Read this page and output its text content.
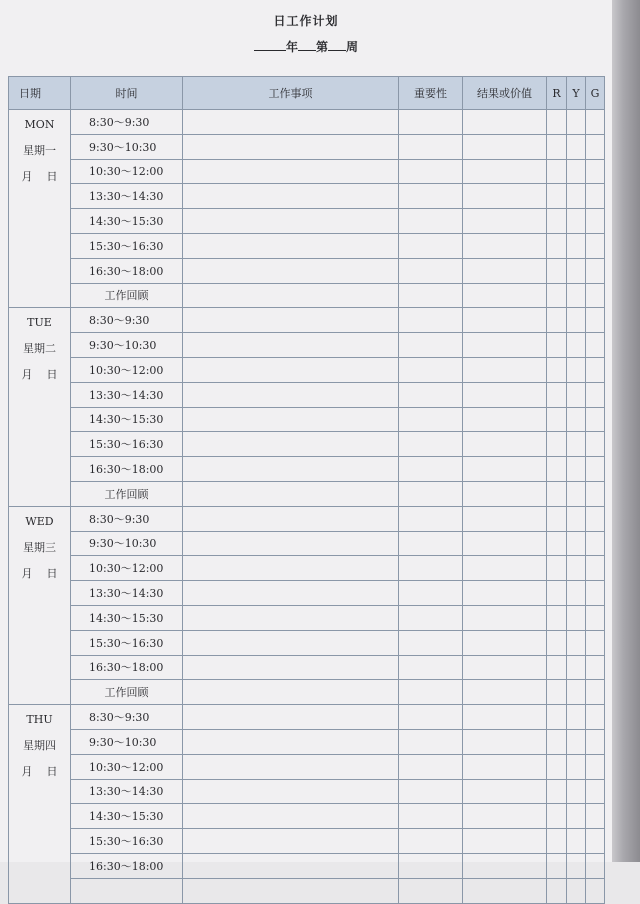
日工作计划
年 第 周
日期	时间	工作事项	重要性	结果或价值	R	Y	G

MON
星期一
月 日	8:30～9:30						
	9:30～10:30						
	10:30～12:00						
	13:30～14:30						
	14:30～15:30						
	15:30～16:30						
	16:30～18:00						
	工作回顾						

TUE
星期二
月 日	8:30～9:30						
	9:30～10:30						
	10:30～12:00						
	13:30～14:30						
	14:30～15:30						
	15:30～16:30						
	16:30～18:00						
	工作回顾						

WED
星期三
月 日	8:30～9:30						
	9:30～10:30						
	10:30～12:00						
	13:30～14:30						
	14:30～15:30						
	15:30～16:30						
	16:30～18:00						
	工作回顾						

THU
星期四
月 日	8:30～9:30						
	9:30～10:30						
	10:30～12:00						
	13:30～14:30						
	14:30～15:30						
	15:30～16:30						
	16:30～18:00						
